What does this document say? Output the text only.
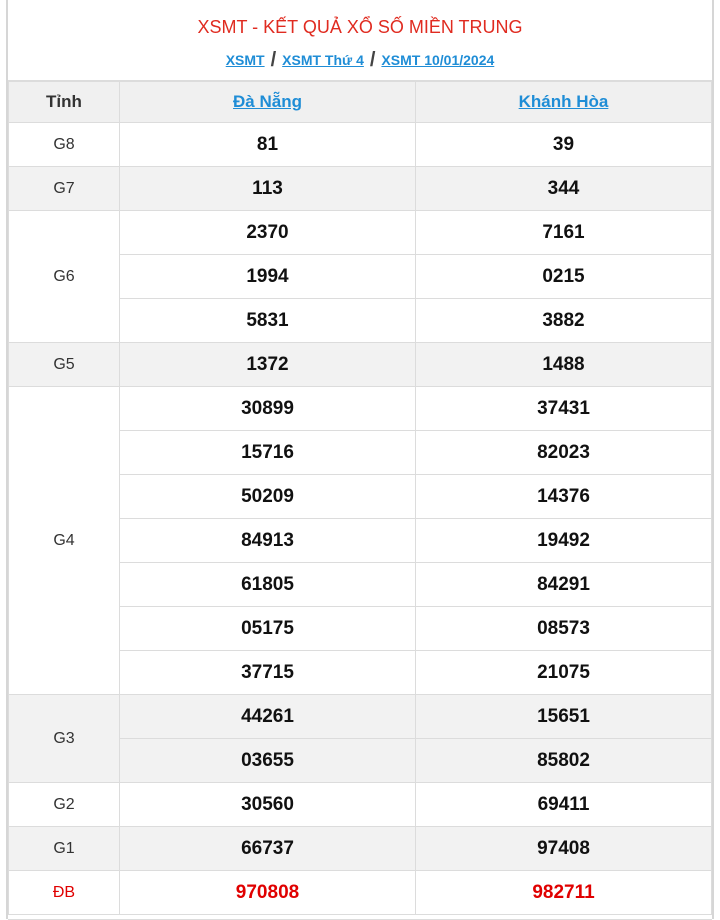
XSMT - KẾT QUẢ XỔ SỐ MIỀN TRUNG
XSMT / XSMT Thứ 4 / XSMT 10/01/2024
Tỉnh	Đà Nẵng	Khánh Hòa
G8	81	39
G7	113	344
G6	2370	7161
	1994	0215
	5831	3882
G5	1372	1488
G4	30899	37431
	15716	82023
	50209	14376
	84913	19492
	61805	84291
	05175	08573
	37715	21075
G3	44261	15651
	03655	85802
G2	30560	69411
G1	66737	97408
ĐB	970808	982711
